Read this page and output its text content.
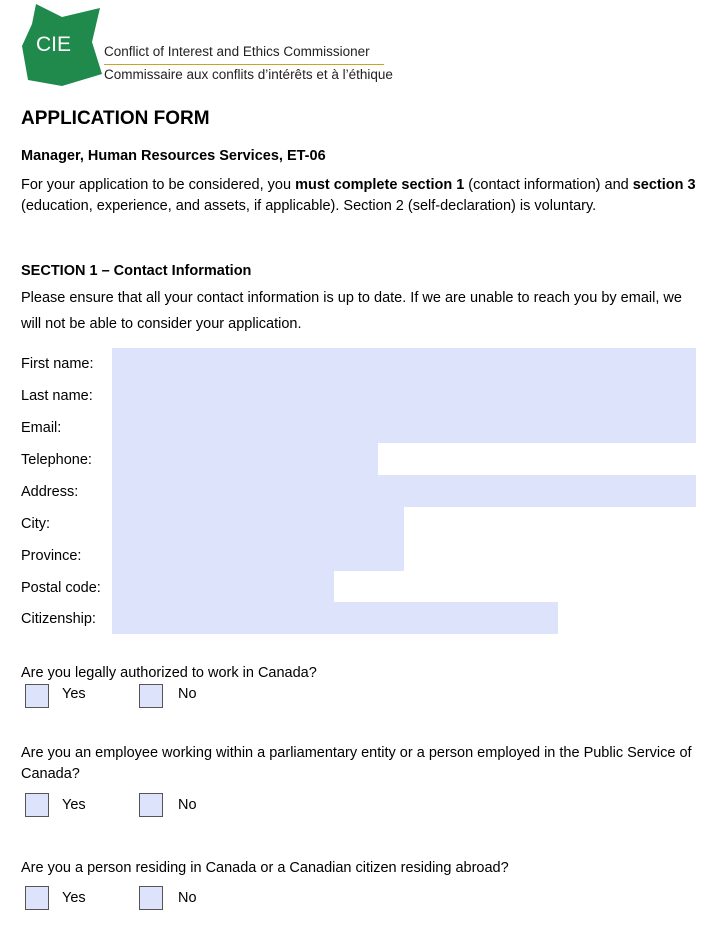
CIE Conflict of Interest and Ethics Commissioner
Commissaire aux conflits d’intérêts et à l’éthique
APPLICATION FORM
Manager, Human Resources Services, ET-06
For your application to be considered, you must complete section 1 (contact information) and section 3 (education, experience, and assets, if applicable). Section 2 (self-declaration) is voluntary.
SECTION 1 – Contact Information
Please ensure that all your contact information is up to date. If we are unable to reach you by email, we will not be able to consider your application.
First name:
Last name:
Email:
Telephone:
Address:
City:
Province:
Postal code:
Citizenship:
Are you legally authorized to work in Canada?
Yes	No
Are you an employee working within a parliamentary entity or a person employed in the Public Service of Canada?
Yes	No
Are you a person residing in Canada or a Canadian citizen residing abroad?
Yes	No
